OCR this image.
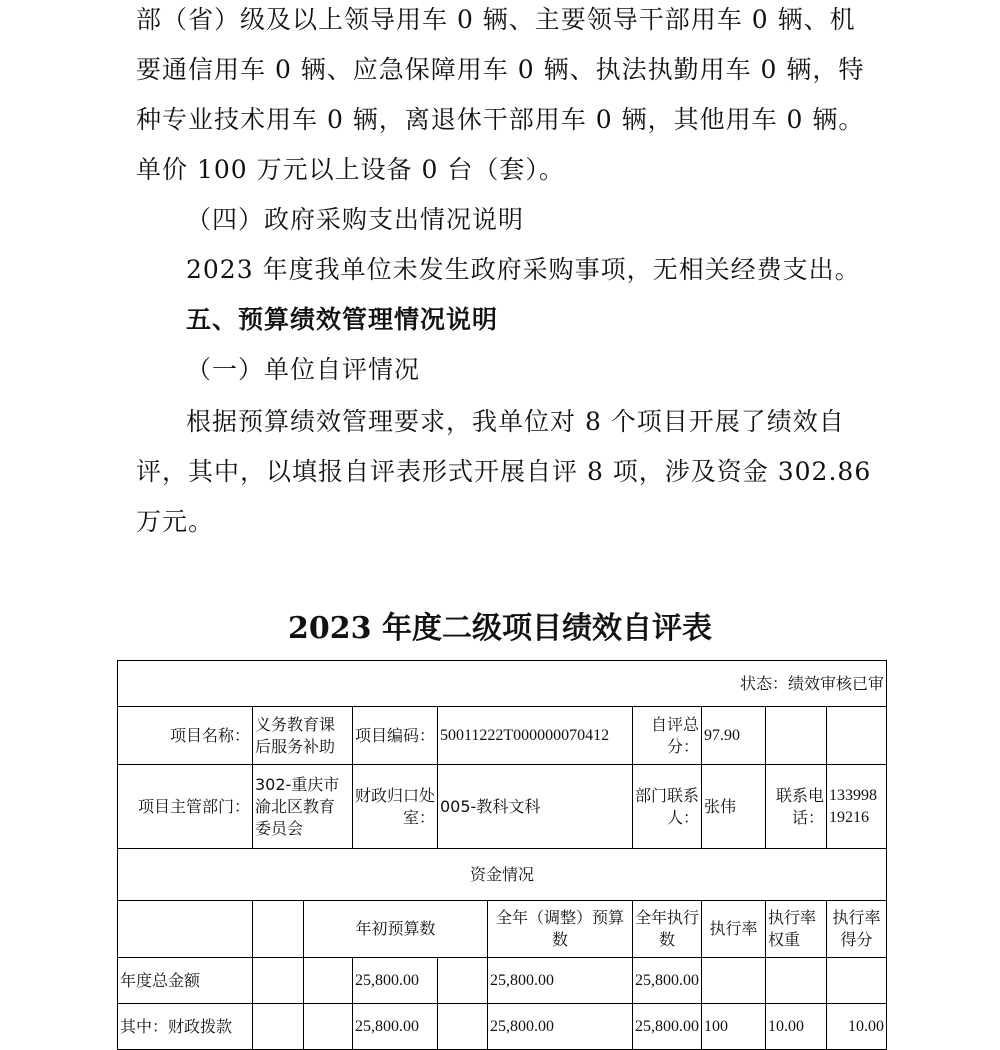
部（省）级及以上领导用车 0 辆、主要领导干部用车 0 辆、机
要通信用车 0 辆、应急保障用车 0 辆、执法执勤用车 0 辆，特
种专业技术用车 0 辆，离退休干部用车 0 辆，其他用车 0 辆。
单价 100 万元以上设备 0 台（套）。
（四）政府采购支出情况说明
2023 年度我单位未发生政府采购事项，无相关经费支出。
五、预算绩效管理情况说明
（一）单位自评情况
根据预算绩效管理要求，我单位对 8 个项目开展了绩效自
评，其中，以填报自评表形式开展自评 8 项，涉及资金 302.86
万元。
2023 年度二级项目绩效自评表
状态：绩效审核已审									
项目名称：	义务教育课后服务补助		项目编码：	50011222T000000070412		自评总分：	97.90		
项目主管部门：	302-重庆市渝北区教育委员会		财政归口处室：	005-教科文科		部门联系人：	张伟	联系电话：	13399819216
资金情况									
		年初预算数			全年（调整）预算数	全年执行数	执行率	执行率权重	执行率得分
年度总金额			25,800.00		25,800.00	25,800.00			
其中：财政拨款			25,800.00		25,800.00	25,800.00	100	10.00	10.00
